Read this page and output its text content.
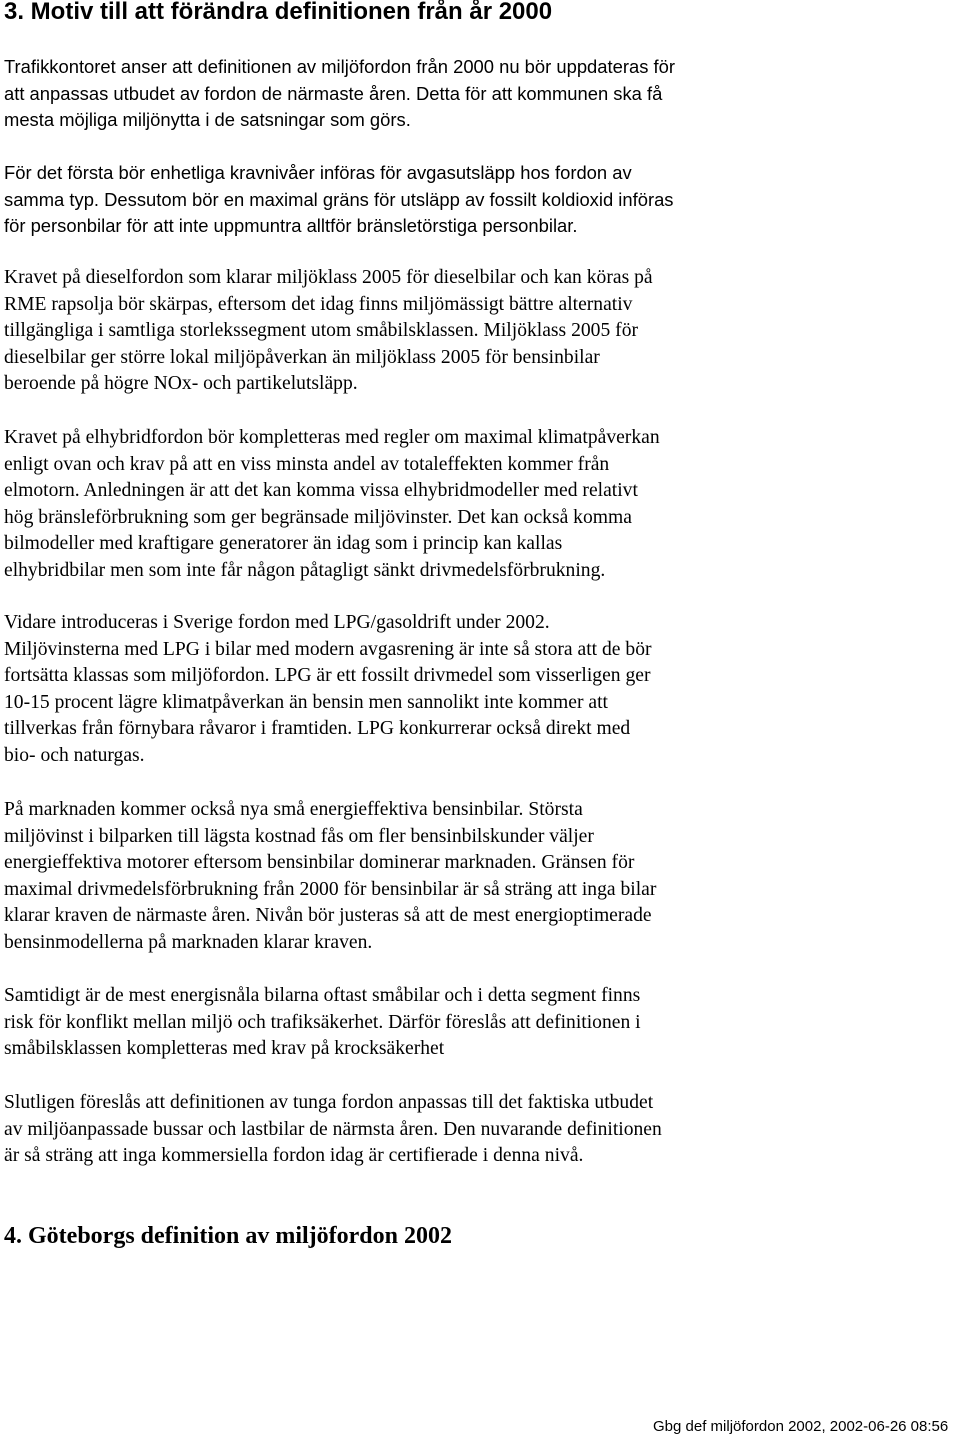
3. Motiv till att förändra definitionen från år 2000
Trafikkontoret anser att definitionen av miljöfordon från 2000 nu bör uppdateras för
att anpassas utbudet av fordon de närmaste åren. Detta för att kommunen ska få
mesta möjliga miljönytta i de satsningar som görs.
För det första bör enhetliga kravnivåer införas för avgasutsläpp hos fordon av
samma typ. Dessutom bör en maximal gräns för utsläpp av fossilt koldioxid införas
för personbilar för att inte uppmuntra alltför bränsletörstiga personbilar.
Kravet på dieselfordon som klarar miljöklass 2005 för dieselbilar och kan köras på
RME rapsolja bör skärpas, eftersom det idag finns miljömässigt bättre alternativ
tillgängliga i samtliga storlekssegment utom småbilsklassen. Miljöklass 2005 för
dieselbilar ger större lokal miljöpåverkan än miljöklass 2005 för bensinbilar
beroende på högre NOx- och partikelutsläpp.
Kravet på elhybridfordon bör kompletteras med regler om maximal klimatpåverkan
enligt ovan och krav på att en viss minsta andel av totaleffekten kommer från
elmotorn. Anledningen är att det kan komma vissa elhybridmodeller med relativt
hög bränsleförbrukning som ger begränsade miljövinster. Det kan också komma
bilmodeller med kraftigare generatorer än idag som i princip kan kallas
elhybridbilar men som inte får någon påtagligt sänkt drivmedelsförbrukning.
Vidare introduceras i Sverige fordon med LPG/gasoldrift under 2002.
Miljövinsterna med LPG i bilar med modern avgasrening är inte så stora att de bör
fortsätta klassas som miljöfordon. LPG är ett fossilt drivmedel som visserligen ger
10-15 procent lägre klimatpåverkan än bensin men sannolikt inte kommer att
tillverkas från förnybara råvaror i framtiden. LPG konkurrerar också direkt med
bio- och naturgas.
På marknaden kommer också nya små energieffektiva bensinbilar. Största
miljövinst i bilparken till lägsta kostnad fås om fler bensinbilskunder väljer
energieffektiva motorer eftersom bensinbilar dominerar marknaden. Gränsen för
maximal drivmedelsförbrukning från 2000 för bensinbilar är så sträng att inga bilar
klarar kraven de närmaste åren. Nivån bör justeras så att de mest energioptimerade
bensinmodellerna på marknaden klarar kraven.
Samtidigt är de mest energisnåla bilarna oftast småbilar och i detta segment finns
risk för konflikt mellan miljö och trafiksäkerhet. Därför föreslås att definitionen i
småbilsklassen kompletteras med krav på krocksäkerhet
Slutligen föreslås att definitionen av tunga fordon anpassas till det faktiska utbudet
av miljöanpassade bussar och lastbilar de närmsta åren. Den nuvarande definitionen
är så sträng att inga kommersiella fordon idag är certifierade i denna nivå.
4. Göteborgs definition av miljöfordon 2002
Gbg def miljöfordon 2002, 2002-06-26 08:56
